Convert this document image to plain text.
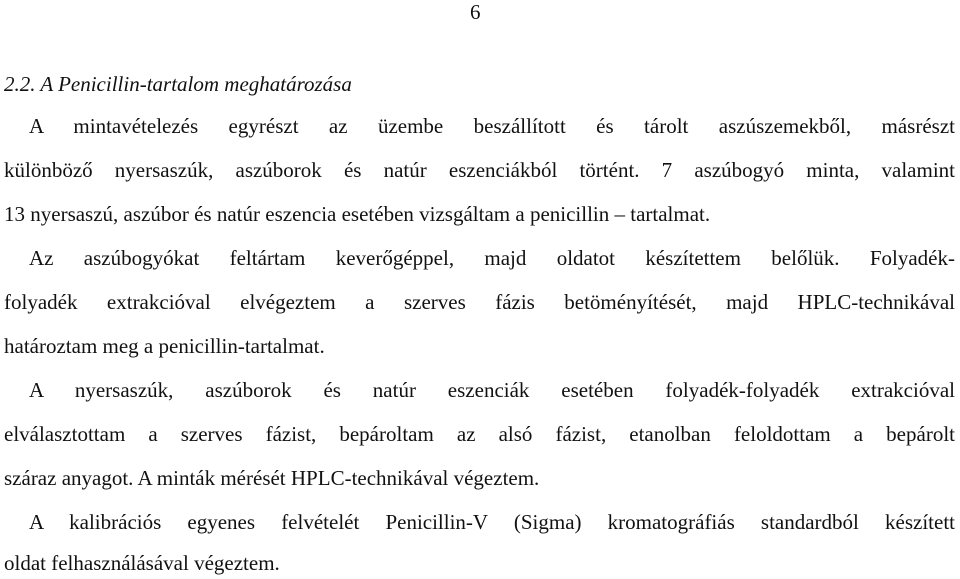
6
2.2. A Penicillin-tartalom meghatározása
A mintavételezés egyrészt az üzembe beszállított és tárolt aszúszemekből, másrészt
különböző nyersaszúk, aszúborok és natúr eszenciákból történt. 7 aszúbogyó minta, valamint
13 nyersaszú, aszúbor és natúr eszencia esetében vizsgáltam a penicillin – tartalmat.
Az aszúbogyókat feltártam keverőgéppel, majd oldatot készítettem belőlük. Folyadék-
folyadék extrakcióval elvégeztem a szerves fázis betöményítését, majd HPLC-technikával
határoztam meg a penicillin-tartalmat.
A nyersaszúk, aszúborok és natúr eszenciák esetében folyadék-folyadék extrakcióval
elválasztottam a szerves fázist, bepároltam az alsó fázist, etanolban feloldottam a bepárolt
száraz anyagot. A minták mérését HPLC-technikával végeztem.
A kalibrációs egyenes felvételét Penicillin-V (Sigma) kromatográfiás standardból készített
oldat felhasználásával végeztem.
